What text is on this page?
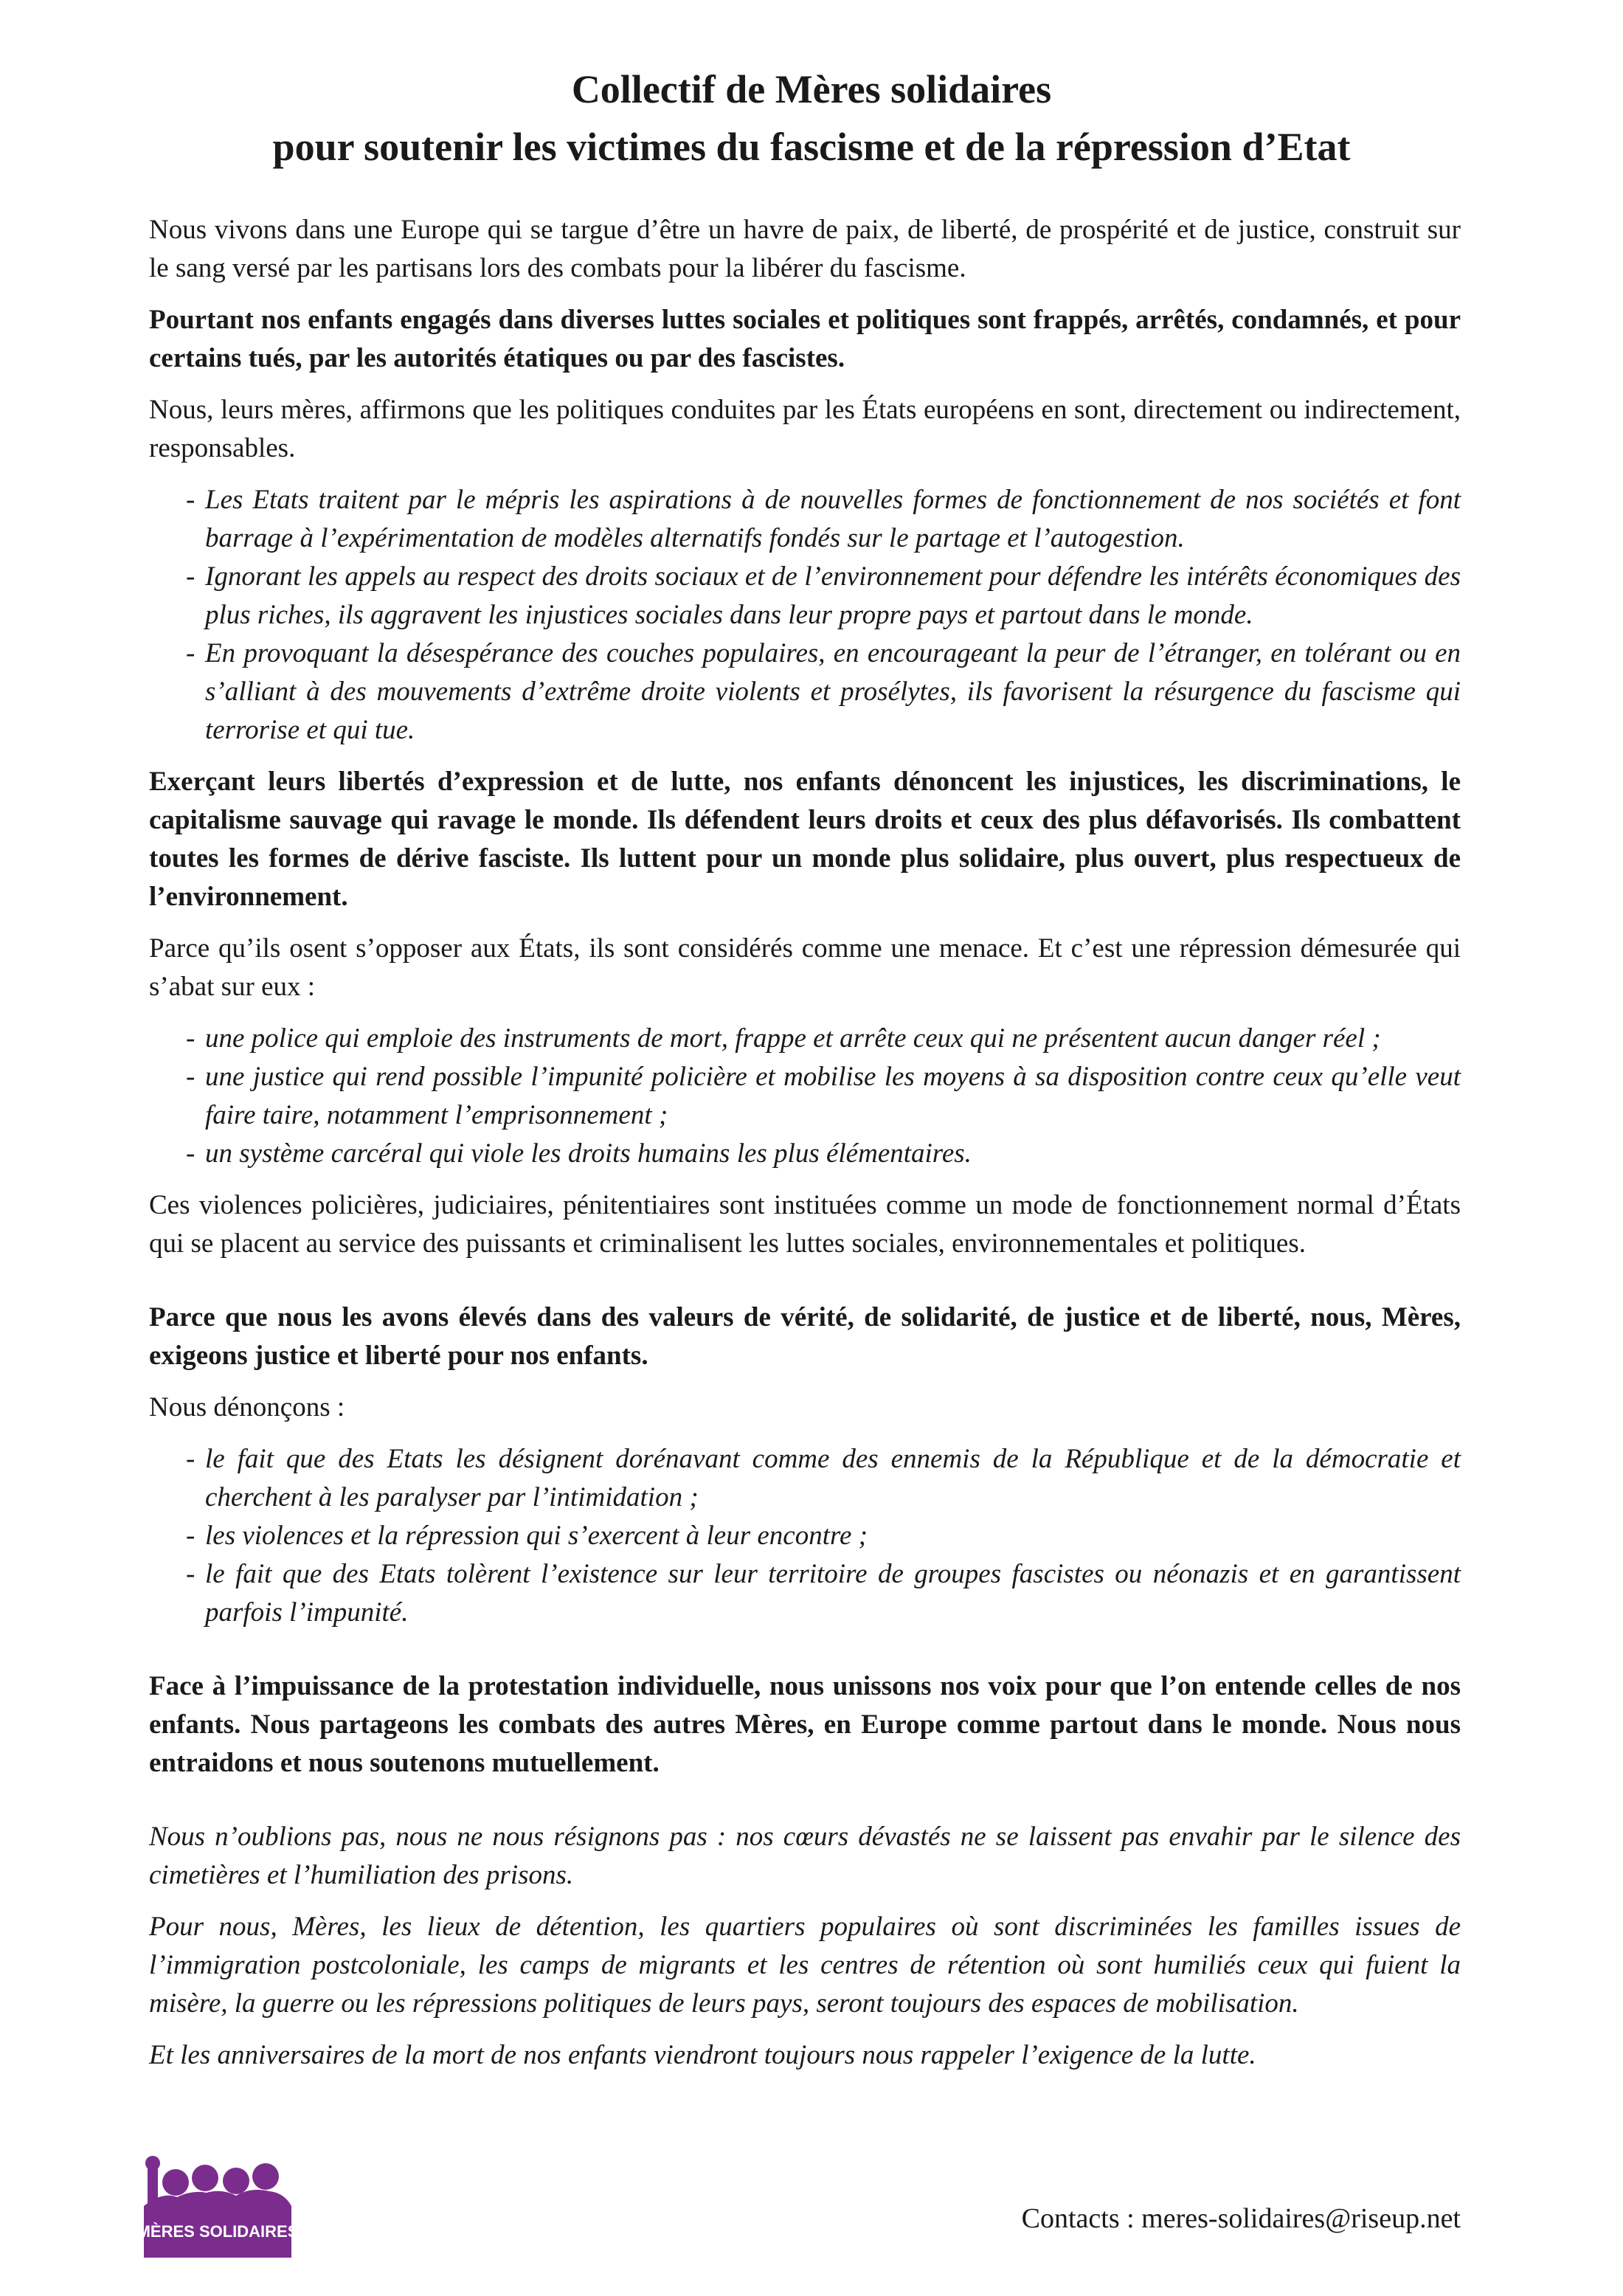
Collectif de Mères solidaires
pour soutenir les victimes du fascisme et de la répression d’Etat

Nous vivons dans une Europe qui se targue d’être un havre de paix, de liberté, de prospérité et de justice, construit sur le sang versé par les partisans lors des combats pour la libérer du fascisme.

Pourtant nos enfants engagés dans diverses luttes sociales et politiques sont frappés, arrêtés, condamnés, et pour certains tués, par les autorités étatiques ou par des fascistes.

Nous, leurs mères, affirmons que les politiques conduites par les États européens en sont, directement ou indirectement, responsables.

- Les Etats traitent par le mépris les aspirations à de nouvelles formes de fonctionnement de nos sociétés et font barrage à l’expérimentation de modèles alternatifs fondés sur le partage et l’autogestion.
- Ignorant les appels au respect des droits sociaux et de l’environnement pour défendre les intérêts économiques des plus riches, ils aggravent les injustices sociales dans leur propre pays et partout dans le monde.
- En provoquant la désespérance des couches populaires, en encourageant la peur de l’étranger, en tolérant ou en s’alliant à des mouvements d’extrême droite violents et prosélytes, ils favorisent la résurgence du fascisme qui terrorise et qui tue.

Exerçant leurs libertés d’expression et de lutte, nos enfants dénoncent les injustices, les discriminations, le capitalisme sauvage qui ravage le monde. Ils défendent leurs droits et ceux des plus défavorisés. Ils combattent toutes les formes de dérive fasciste. Ils luttent pour un monde plus solidaire, plus ouvert, plus respectueux de l’environnement.

Parce qu’ils osent s’opposer aux États, ils sont considérés comme une menace. Et c’est une répression démesurée qui s’abat sur eux :

- une police qui emploie des instruments de mort, frappe et arrête ceux qui ne présentent aucun danger réel ;
- une justice qui rend possible l’impunité policière et mobilise les moyens à sa disposition contre ceux qu’elle veut faire taire, notamment l’emprisonnement ;
- un système carcéral qui viole les droits humains les plus élémentaires.

Ces violences policières, judiciaires, pénitentiaires sont instituées comme un mode de fonctionnement normal d’États qui se placent au service des puissants et criminalisent les luttes sociales, environnementales et politiques.

Parce que nous les avons élevés dans des valeurs de vérité, de solidarité, de justice et de liberté, nous, Mères, exigeons justice et liberté pour nos enfants.

Nous dénonçons :

- le fait que des Etats les désignent dorénavant comme des ennemis de la République et de la démocratie et cherchent à les paralyser par l’intimidation ;
- les violences et la répression qui s’exercent à leur encontre ;
- le fait que des Etats tolèrent l’existence sur leur territoire de groupes fascistes ou néonazis et en garantissent parfois l’impunité.

Face à l’impuissance de la protestation individuelle, nous unissons nos voix pour que l’on entende celles de nos enfants. Nous partageons les combats des autres Mères, en Europe comme partout dans le monde. Nous nous entraidons et nous soutenons mutuellement.

Nous n’oublions pas, nous ne nous résignons pas : nos cœurs dévastés ne se laissent pas envahir par le silence des cimetières et l’humiliation des prisons.

Pour nous, Mères, les lieux de détention, les quartiers populaires où sont discriminées les familles issues de l’immigration postcoloniale, les camps de migrants et les centres de rétention où sont humiliés ceux qui fuient la misère, la guerre ou les répressions politiques de leurs pays, seront toujours des espaces de mobilisation.

Et les anniversaires de la mort de nos enfants viendront toujours nous rappeler l’exigence de la lutte.

MÈRES SOLIDAIRES	Contacts : meres-solidaires@riseup.net
